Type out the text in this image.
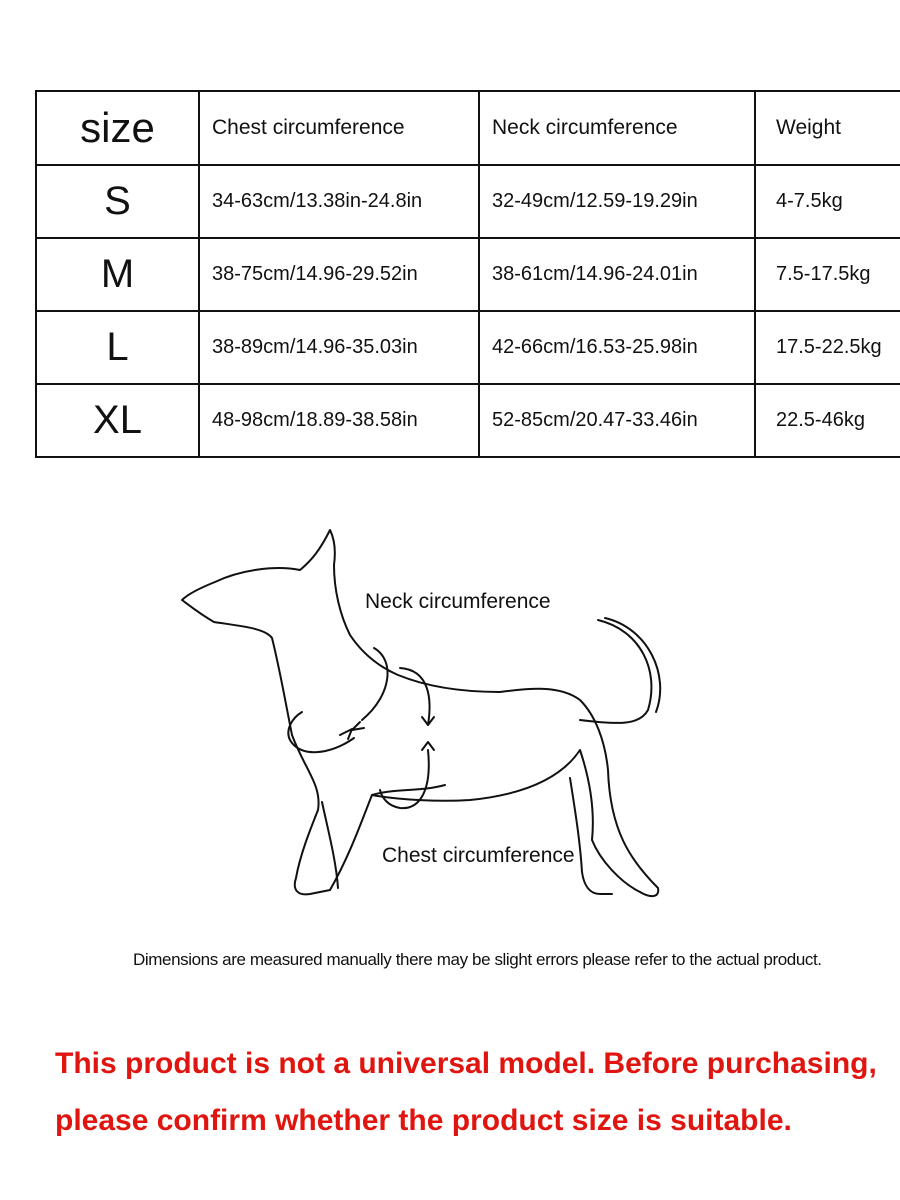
size	Chest circumference	Neck circumference	Weight
S	34-63cm/13.38in-24.8in	32-49cm/12.59-19.29in	4-7.5kg
M	38-75cm/14.96-29.52in	38-61cm/14.96-24.01in	7.5-17.5kg
L	38-89cm/14.96-35.03in	42-66cm/16.53-25.98in	17.5-22.5kg
XL	48-98cm/18.89-38.58in	52-85cm/20.47-33.46in	22.5-46kg
Neck circumference
Chest circumference
Dimensions are measured manually there may be slight errors please refer to the actual product.
This product is not a universal model. Before purchasing,
please confirm whether the product size is suitable.
